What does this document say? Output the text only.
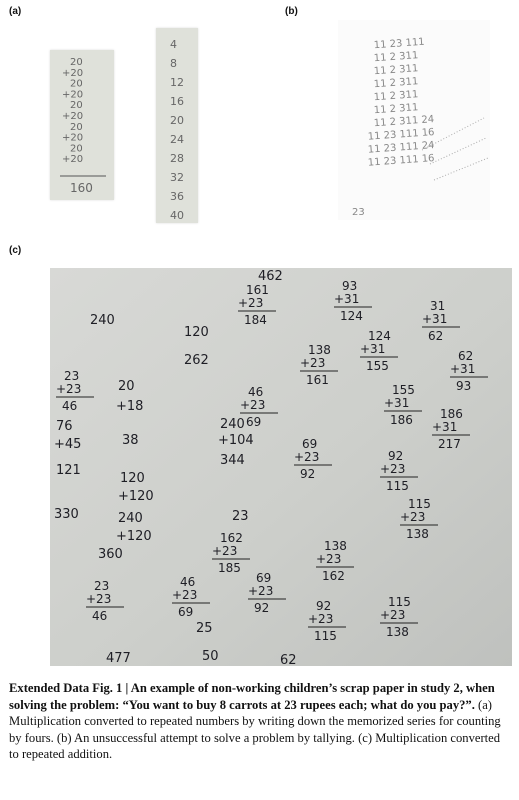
(a)	(b)
(c)
20
+20
20
+20
20
+20
20
+20
20
+20
160
4
8
12
16
20
24
28
32
36
40
11 23 111
11 2 311
11 2 311
11 2 311
11 2 311
11 2 311
11 2 311 24
11 23 111 16
11 23 111 24
11 23 111 16
23
161
+23
184
93
+31
124
31
+31
62
138
+23
161
124
+31
155
62
+31
93
23
+23
46
46
+23
69
155
+31
186 186
+31
217
69
+23
92
92
+23
115
115
+23
138
162
+23
185
138
+23
162
23
+23
46
46
+23
69
69
+23
92	92
+23
115
115
+23
138
462
240
120
262
20
+18
38
76
+45
121
240
+104
344
120
+120
240
+120
360
330	23
25
50	62
477
Extended Data Fig. 1 | An example of non-working children’s scrap paper in study 2, when solving the problem: “You want to buy 8 carrots at 23 rupees each; what do you pay?”. (a) Multiplication converted to repeated numbers by writing down the memorized series for counting by fours. (b) An unsuccessful attempt to solve a problem by tallying. (c) Multiplication converted to repeated addition.
